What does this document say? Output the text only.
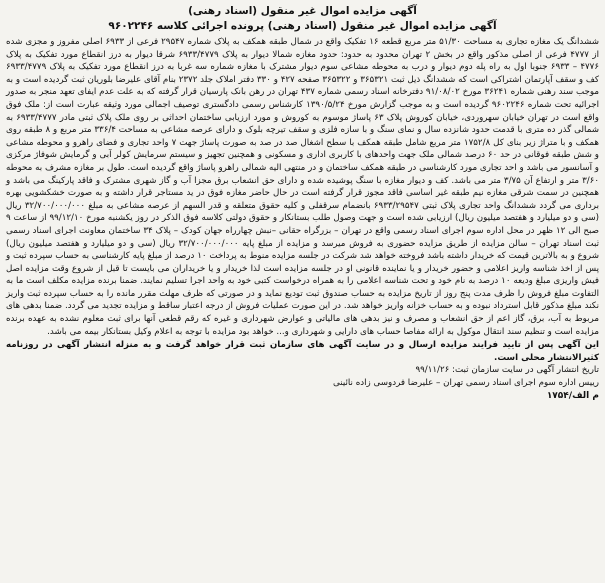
آگهی مزایده اموال غیر منقول (اسناد رهنی)

آگهی مزایده اموال غیر منقول (اسناد رهنی) پرونده اجرائی کلاسه ۹۶۰۲۲۴۶

ششدانگ یک مغازه تجاری به مساحت ۵۱/۳۰ متر مربع قطعه ۱۶ تفکیک واقع در شمال طبقه همکف به پلاک شماره ۲۹۵۴۷ فرعی از ۶۹۳۳ اصلی مفروز و مجزی شده از ۴۷۷۷ فرعی از اصلی مذکور واقع در بخش ۲ تهران محدود به حدود: حدود مغازه شمالا دیوار به پلاک ۶۹۳۳/۴۷۷۹ شرقا دیوار به درز انقطاع مورد تفکیک به پلاک ۴۷۷۶ – ۶۹۳۳ جنوبا اول به راه پله دوم دیوار و درب به محوطه مشاعی سوم دیوار مشترک با مغازه شماره سه غربا به درز انقطاع مورد تفکیک به پلاک ۶۹۳۳/۴۷۷۹ کف و سقف آپارتمان اشتراکی است که ششدانگ ذیل ثبت ۳۶۵۳۲۱ و ۳۶۵۳۲۲ صفحه ۴۲۷ و ۳۳۰ دفتر املاک جلد ۲۳۷۲ بنام آقای علیرضا بلوریان ثبت گردیده است و به موجب سند رهنی شماره ۳۶۲۴۱ مورخ ۹۱/۰۸/۰۲ دفترخانه اسناد رسمی شماره ۴۳۷ تهران در رهن بانک پارسیان قرار گرفته که به علت عدم ایفای تعهد منجر به صدور اجرائیه تحت شماره ۹۶۰۲۲۴۶ گردیده است و به موجب گزارش مورخ ۱۳۹۰/۵/۲۴ کارشناس رسمی دادگستری توصیف اجمالی مورد وثیقه عبارت است از: ملک فوق واقع است در تهران خیابان سهروردی، خیابان کوروش پلاک ۶۳ پاساژ موسوم به کوروش و مورد ارزیابی ساختمان احداثی بر روی ملک پلاک ثبتی مادر ۶۹۳۳/۴۷۷۷ به شمالی گذر ده متری با قدمت حدود شانزده سال و نمای سنگ و با سازه فلزی و سقف تیرچه بلوک و دارای عرصه مشاعی به مساحت ۳۳۶/۴ متر مربع و ۸ طبقه روی همکف و با متراژ زیر بنای کل ۱۷۵۲/۸ متر مربع شامل طبقه همکف با سطح اشغال صد در صد به صورت پاساژ جهت ۷ واحد تجاری و فضای راهرو و محوطه مشاعی و شش طبقه فوقانی در حد ۶۰ درصد شمالی ملک جهت واحدهای با کاربری اداری و مسکونی و همچنین تجهیز و سیستم سرمایش کولر آبی و گرمایش شوفاژ مرکزی و آسانسور می باشد و احد تجاری مورد کارشناسی در طبقه همکف ساختمان و در منتهی الیه شمالی راهرو پاساژ واقع گردیده است. طول بر مغازه مشرف به محوطه ۳/۶۰ متر و ارتفاع آن ۳/۷۵ متر می باشد. کف و دیوار مغازه با سنگ پوشیده شده و دارای حق انشعاب برق مجزا آب و گاز شهری مشترک و فاقد پارکینگ می باشد و همچنین در سمت شرقی مغازه نیم طبقه غیر اساسی فاقد مجوز قرار گرفته است در حال حاضر مغازه فوق در ید مستاجر قرار داشته و به صورت خشکشویی بهره برداری می گردد ششدانگ واحد تجاری پلاک ثبتی ۶۹۳۳/۲۹۵۴۷ بانضمام سرقفلی و کلیه حقوق متعلقه و قدر السهم از عرصه مشاعی به مبلغ ۳۲/۷۰۰/۰۰۰/۰۰۰ ریال (سی و دو میلیارد و هفتصد میلیون ریال) ارزیابی شده است و جهت وصول طلب بستانکار و حقوق دولتی کلاسه فوق الذکر در روز یکشنبه مورخ ۹۹/۱۲/۱۰ از ساعت ۹ صبح الی ۱۲ ظهر در محل اداره سوم اجرای اسناد رسمی واقع در تهران – بزرگراه حقانی –نبش چهارراه جهان کودک – پلاک ۳۴ ساختمان معاونت اجرای اسناد رسمی ثبت اسناد تهران – سالن مزایده از طریق مزایده حضوری به فروش میرسد و مزایده از مبلغ پایه ۳۲/۷۰۰/۰۰۰/۰۰۰ ریال (سی و دو میلیارد و هفتصد میلیون ریال) شروع و به بالاترین قیمت که خریدار داشته باشد فروخته خواهد شد شرکت در جلسه مزایده منوط به پرداخت ۱۰ درصد از مبلغ پایه کارشناسی به حساب سپرده ثبت و پس از اخذ شناسه واریز اعلامی و حضور خریدار و یا نماینده قانونی او در جلسه مزایده است لذا خریدار و یا خریداران می بایست تا قبل از شروع وقت مزایده اصل فیش واریزی مبلغ ودیعه ۱۰ درصد به نام خود و تحت شناسه اعلامی را به همراه درخواست کتبی خود به واحد اجرا تسلیم نمایند. ضمنا برنده مزایده مکلف است ما به التفاوت مبلغ فروش را ظرف مدت پنج روز از تاریخ مزایده به حساب صندوق ثبت تودیع نماید و در صورتی که ظرف مهلت مقرر مانده را به حساب سپرده ثبت واریز نکند مبلغ مذکور قابل استرداد نبوده و به حساب خزانه واریز خواهد شد. در این صورت عملیات فروش از درجه اعتبار ساقط و مزایده تجدید می گردد. ضمنا بدهی های مربوط به آب، برق، گاز اعم از حق انشعاب و مصرف و نیز بدهی های مالیاتی و عوارض شهرداری و غیره که رقم قطعی آنها برای ثبت معلوم نشده به عهده برنده مزایده است و تنظیم سند انتقال موکول به ارائه مفاصا حساب های دارایی و شهرداری و... خواهد بود مزایده با توجه به اعلام وکیل بستانکار بیمه می باشد.

این آگهی پس از تایید فرایند مزایده ارسال و در سایت آگهی های سازمان ثبت قرار خواهد گرفت و به منزله انتشار آگهی در روزنامه کثیرالانتشار محلی است.

تاریخ انتشار آگهی در سایت سازمان ثبت: ۹۹/۱۱/۲۶

رییس اداره سوم اجرای اسناد رسمی تهران – علیرضا فردوسی زاده نائینی

م الف/۱۷۵۴
